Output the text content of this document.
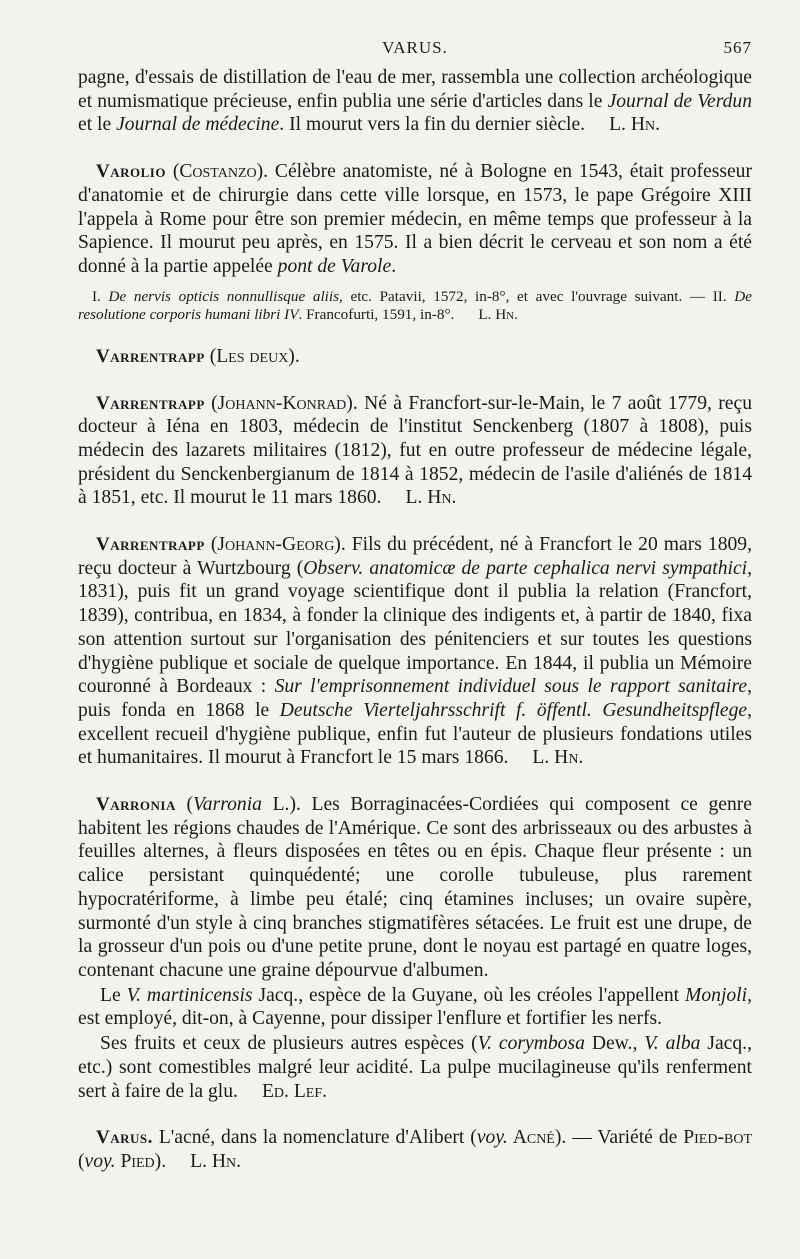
VARUS.	567

pagne, d'essais de distillation de l'eau de mer, rassembla une collection archéologique et numismatique précieuse, enfin publia une série d'articles dans le Journal de Verdun et le Journal de médecine. Il mourut vers la fin du dernier siècle. L. Hn.

Varolio (Costanzo). Célèbre anatomiste, né à Bologne en 1543, était professeur d'anatomie et de chirurgie dans cette ville lorsque, en 1573, le pape Grégoire XIII l'appela à Rome pour être son premier médecin, en même temps que professeur à la Sapience. Il mourut peu après, en 1575. Il a bien décrit le cerveau et son nom a été donné à la partie appelée pont de Varole.

I. De nervis opticis nonnullisque aliis, etc. Patavii, 1572, in-8°, et avec l'ouvrage suivant. — II. De resolutione corporis humani libri IV. Francofurti, 1591, in-8°. L. Hn.

Varrentrapp (Les deux).

Varrentrapp (Johann-Konrad). Né à Francfort-sur-le-Main, le 7 août 1779, reçu docteur à Iéna en 1803, médecin de l'institut Senckenberg (1807 à 1808), puis médecin des lazarets militaires (1812), fut en outre professeur de médecine légale, président du Senckenbergianum de 1814 à 1852, médecin de l'asile d'aliénés de 1814 à 1851, etc. Il mourut le 11 mars 1860. L. Hn.

Varrentrapp (Johann-Georg). Fils du précédent, né à Francfort le 20 mars 1809, reçu docteur à Wurtzbourg (Observ. anatomicæ de parte cephalica nervi sympathici, 1831), puis fit un grand voyage scientifique dont il publia la relation (Francfort, 1839), contribua, en 1834, à fonder la clinique des indigents et, à partir de 1840, fixa son attention surtout sur l'organisation des pénitenciers et sur toutes les questions d'hygiène publique et sociale de quelque importance. En 1844, il publia un Mémoire couronné à Bordeaux : Sur l'emprisonnement individuel sous le rapport sanitaire, puis fonda en 1868 le Deutsche Vierteljahrsschrift f. öffentl. Gesundheitspflege, excellent recueil d'hygiène publique, enfin fut l'auteur de plusieurs fondations utiles et humanitaires. Il mourut à Francfort le 15 mars 1866. L. Hn.

Varronia (Varronia L.). Les Borraginacées-Cordiées qui composent ce genre habitent les régions chaudes de l'Amérique. Ce sont des arbrisseaux ou des arbustes à feuilles alternes, à fleurs disposées en têtes ou en épis. Chaque fleur présente : un calice persistant quinquédenté; une corolle tubuleuse, plus rarement hypocratériforme, à limbe peu étalé; cinq étamines incluses; un ovaire supère, surmonté d'un style à cinq branches stigmatifères sétacées. Le fruit est une drupe, de la grosseur d'un pois ou d'une petite prune, dont le noyau est partagé en quatre loges, contenant chacune une graine dépourvue d'albumen.

Le V. martinicensis Jacq., espèce de la Guyane, où les créoles l'appellent Monjoli, est employé, dit-on, à Cayenne, pour dissiper l'enflure et fortifier les nerfs.

Ses fruits et ceux de plusieurs autres espèces (V. corymbosa Dew., V. alba Jacq., etc.) sont comestibles malgré leur acidité. La pulpe mucilagineuse qu'ils renferment sert à faire de la glu. Ed. Lef.

Varus. L'acné, dans la nomenclature d'Alibert (voy. Acné). — Variété de Pied-bot (voy. Pied). L. Hn.
